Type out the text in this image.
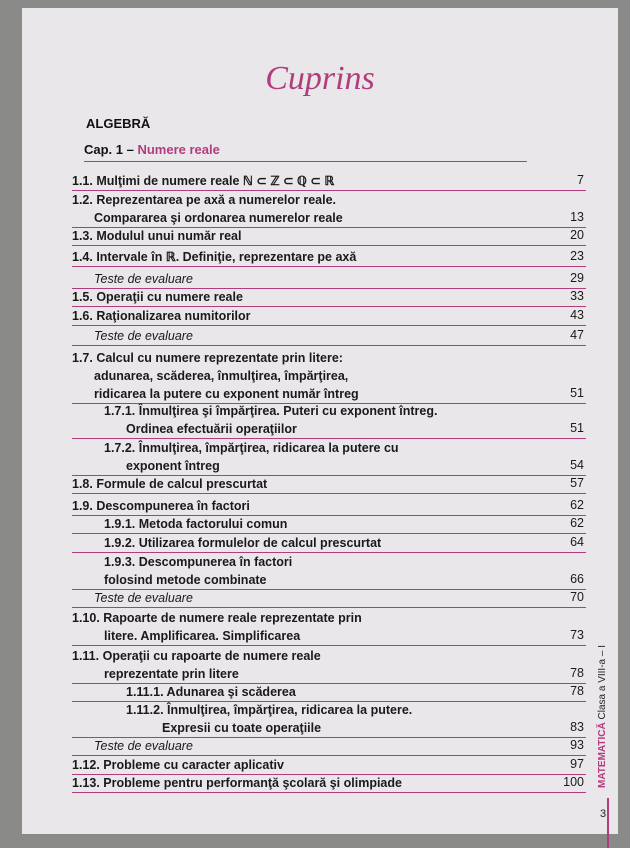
Cuprins
ALGEBRĂ
Cap. 1 – Numere reale
1.1. Mulţimi de numere reale ℕ ⊂ ℤ ⊂ ℚ ⊂ ℝ	7
1.2. Reprezentarea pe axă a numerelor reale.
Compararea şi ordonarea numerelor reale	13
1.3. Modulul unui număr real	20
1.4. Intervale în ℝ. Definiţie, reprezentare pe axă	23
Teste de evaluare	29
1.5. Operaţii cu numere reale	33
1.6. Raţionalizarea numitorilor	43
Teste de evaluare	47
1.7. Calcul cu numere reprezentate prin litere:
adunarea, scăderea, înmulţirea, împărţirea,
ridicarea la putere cu exponent număr întreg	51
1.7.1. Înmulţirea şi împărţirea. Puteri cu exponent întreg.
Ordinea efectuării operaţiilor	51
1.7.2. Înmulţirea, împărţirea, ridicarea la putere cu
exponent întreg	54
1.8. Formule de calcul prescurtat	57
1.9. Descompunerea în factori	62
1.9.1. Metoda factorului comun	62
1.9.2. Utilizarea formulelor de calcul prescurtat	64
1.9.3. Descompunerea în factori
folosind metode combinate	66
Teste de evaluare	70
1.10. Rapoarte de numere reale reprezentate prin
litere. Amplificarea. Simplificarea	73
1.11. Operaţii cu rapoarte de numere reale
reprezentate prin litere	78
1.11.1. Adunarea şi scăderea	78
1.11.2. Înmulţirea, împărţirea, ridicarea la putere.
Expresii cu toate operaţiile	83
Teste de evaluare	93
1.12. Probleme cu caracter aplicativ	97
1.13. Probleme pentru performanţă şcolară şi olimpiade	100 MATEMATICĂ Clasa a VIII-a – I
3
